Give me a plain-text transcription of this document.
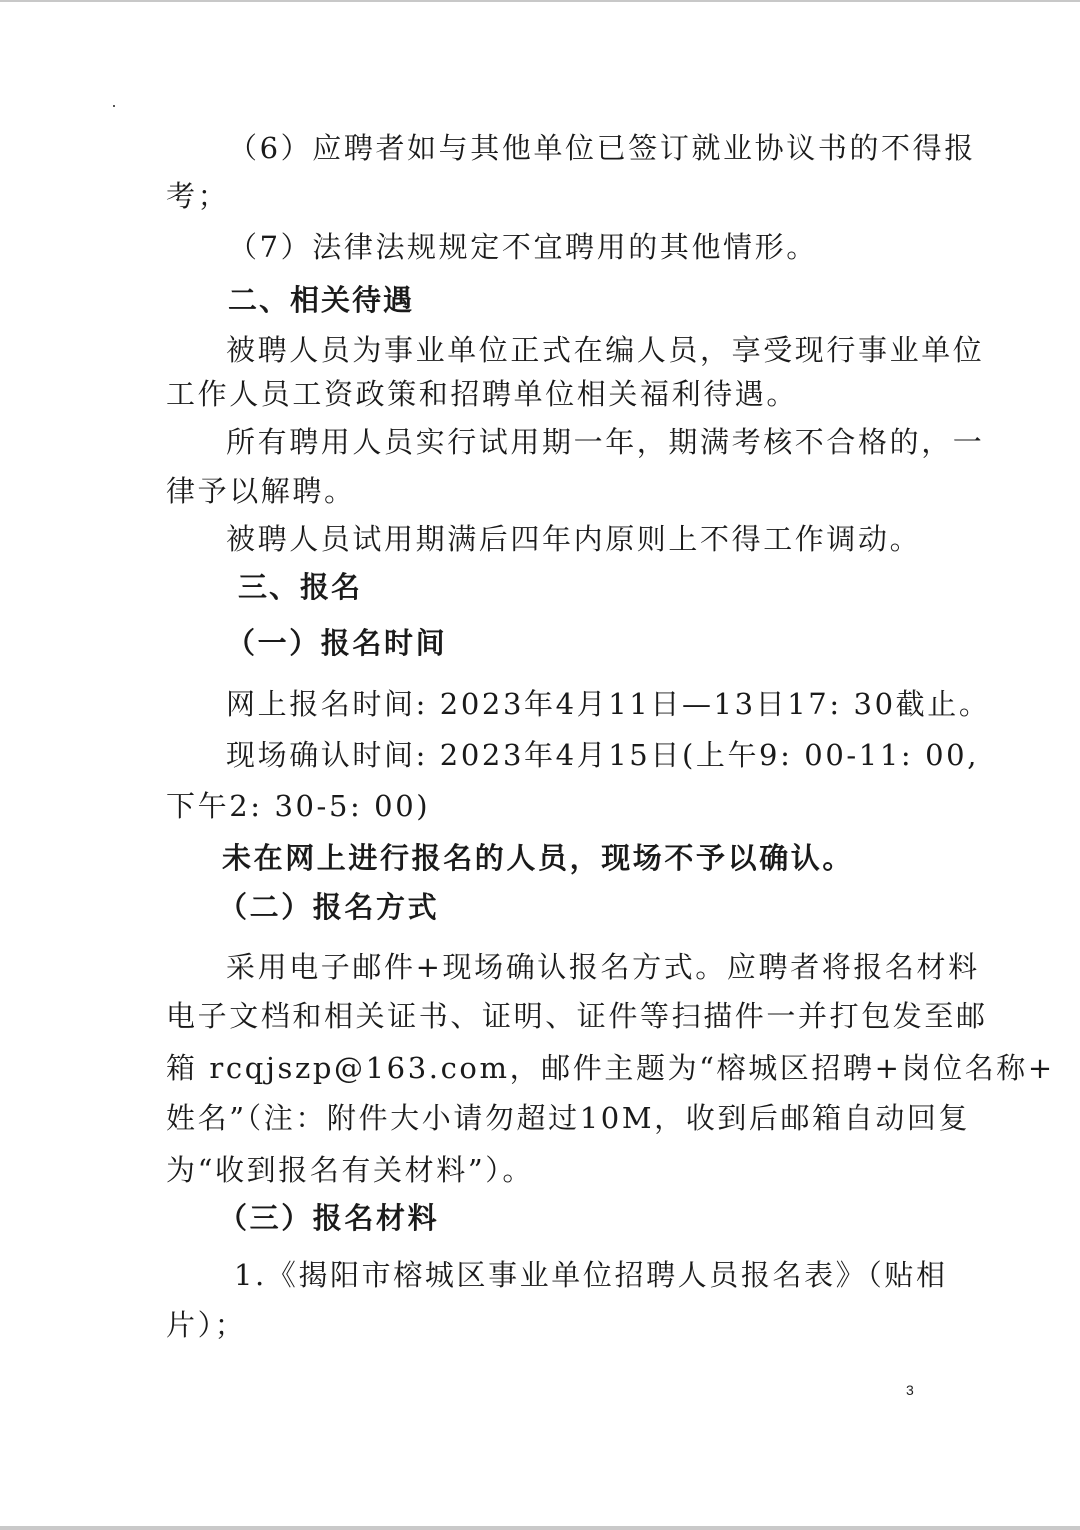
（6）应聘者如与其他单位已签订就业协议书的不得报
考；
（7）法律法规规定不宜聘用的其他情形。
二、相关待遇
被聘人员为事业单位正式在编人员，享受现行事业单位
工作人员工资政策和招聘单位相关福利待遇。
所有聘用人员实行试用期一年，期满考核不合格的，一
律予以解聘。
被聘人员试用期满后四年内原则上不得工作调动。
三、报名
（一）报名时间
网上报名时间: 2023年4月11日—13日17: 30截止。
现场确认时间: 2023年4月15日(上午9: 00-11: 00,
下午2: 30-5: 00)
未在网上进行报名的人员，现场不予以确认。
（二）报名方式
采用电子邮件+现场确认报名方式。应聘者将报名材料
电子文档和相关证书、证明、证件等扫描件一并打包发至邮
箱 rcqjszp@163.com，邮件主题为“榕城区招聘+岗位名称+
姓名”（注：附件大小请勿超过10M，收到后邮箱自动回复
为“收到报名有关材料”）。
（三）报名材料
1.《揭阳市榕城区事业单位招聘人员报名表》（贴相
片）；
3
